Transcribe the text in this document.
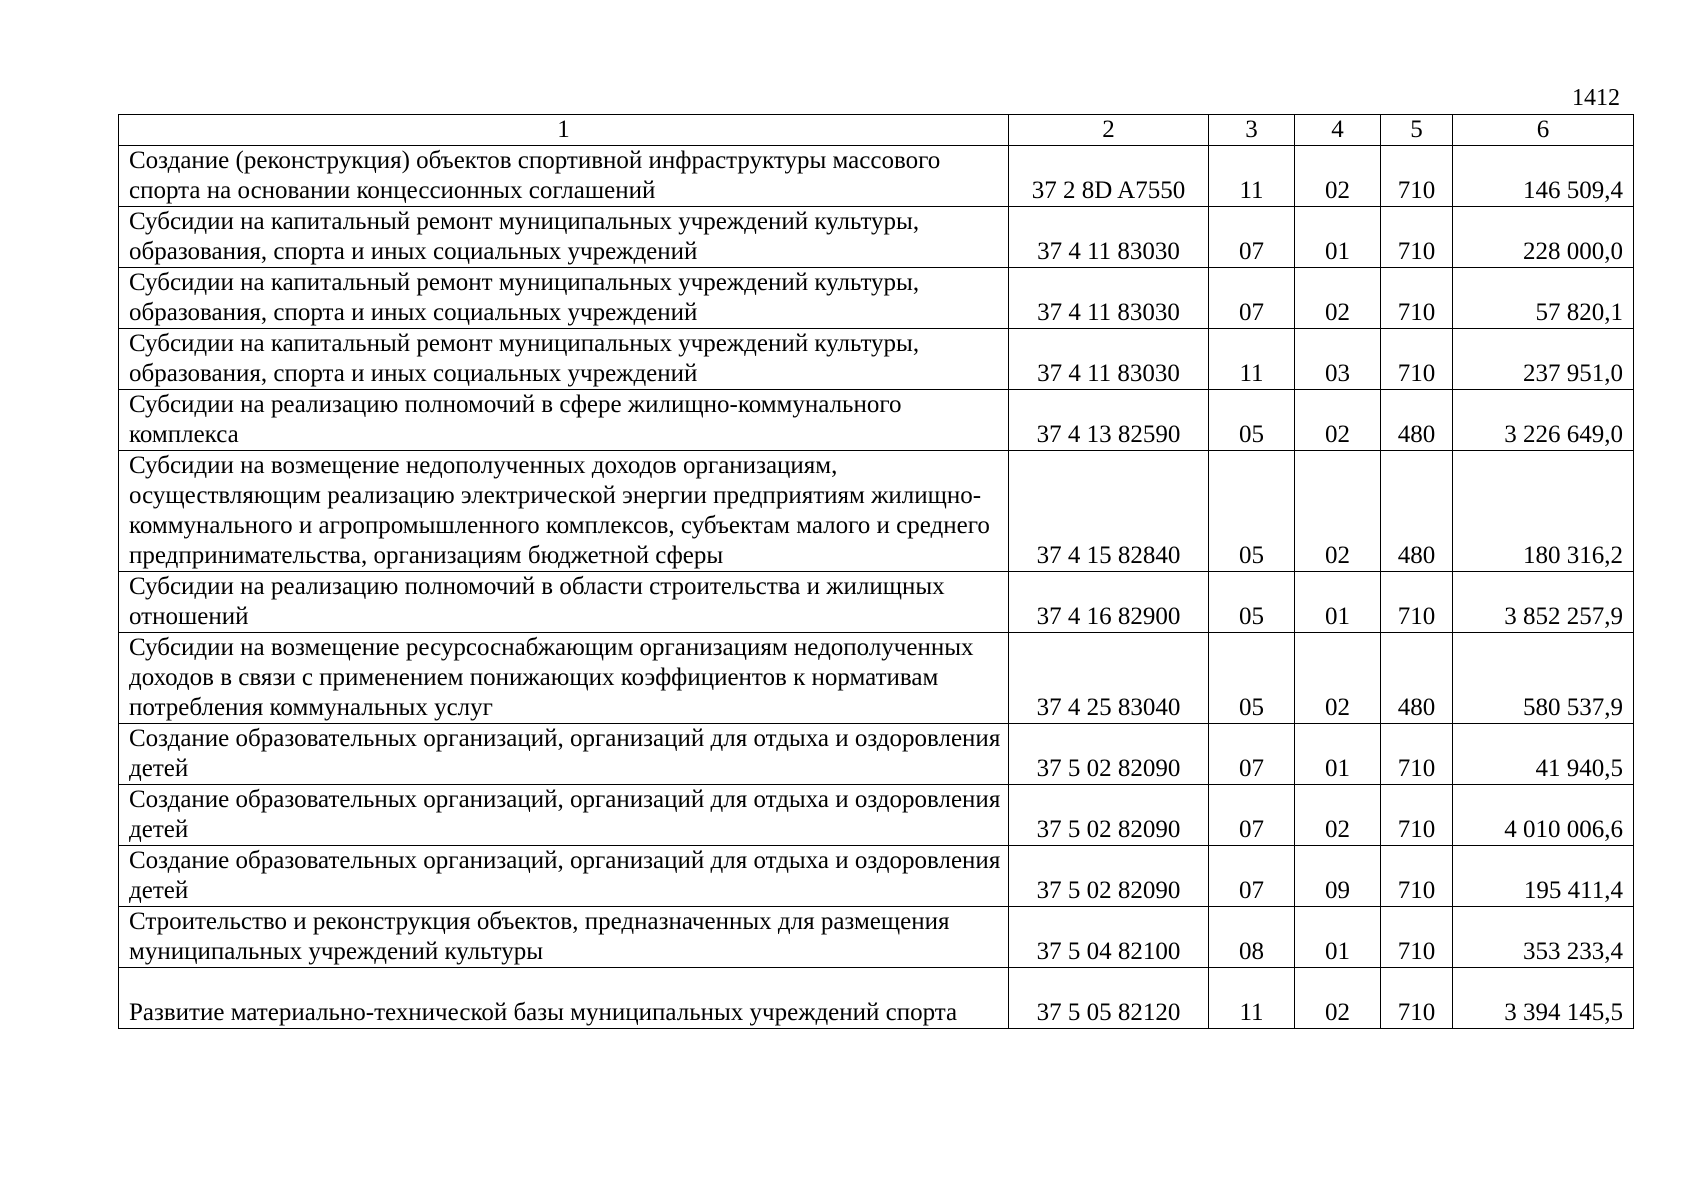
1412
1	2	3	4	5	6
Создание (реконструкция) объектов спортивной инфраструктуры массового спорта на основании концессионных соглашений	37 2 8D A7550	11	02	710	146 509,4
Субсидии на капитальный ремонт муниципальных учреждений культуры, образования, спорта и иных социальных учреждений	37 4 11 83030	07	01	710	228 000,0
Субсидии на капитальный ремонт муниципальных учреждений культуры, образования, спорта и иных социальных учреждений	37 4 11 83030	07	02	710	57 820,1
Субсидии на капитальный ремонт муниципальных учреждений культуры, образования, спорта и иных социальных учреждений	37 4 11 83030	11	03	710	237 951,0
Субсидии на реализацию полномочий в сфере жилищно-коммунального комплекса	37 4 13 82590	05	02	480	3 226 649,0
Субсидии на возмещение недополученных доходов организациям, осуществляющим реализацию электрической энергии предприятиям жилищно-коммунального и агропромышленного комплексов, субъектам малого и среднего предпринимательства, организациям бюджетной сферы	37 4 15 82840	05	02	480	180 316,2
Субсидии на реализацию полномочий в области строительства и жилищных отношений	37 4 16 82900	05	01	710	3 852 257,9
Субсидии на возмещение ресурсоснабжающим организациям недополученных доходов в связи с применением понижающих коэффициентов к нормативам потребления коммунальных услуг	37 4 25 83040	05	02	480	580 537,9
Создание образовательных организаций, организаций для отдыха и оздоровления детей	37 5 02 82090	07	01	710	41 940,5
Создание образовательных организаций, организаций для отдыха и оздоровления детей	37 5 02 82090	07	02	710	4 010 006,6
Создание образовательных организаций, организаций для отдыха и оздоровления детей	37 5 02 82090	07	09	710	195 411,4
Строительство и реконструкция объектов, предназначенных для размещения муниципальных учреждений культуры	37 5 04 82100	08	01	710	353 233,4
Развитие материально-технической базы муниципальных учреждений спорта	37 5 05 82120	11	02	710	3 394 145,5
